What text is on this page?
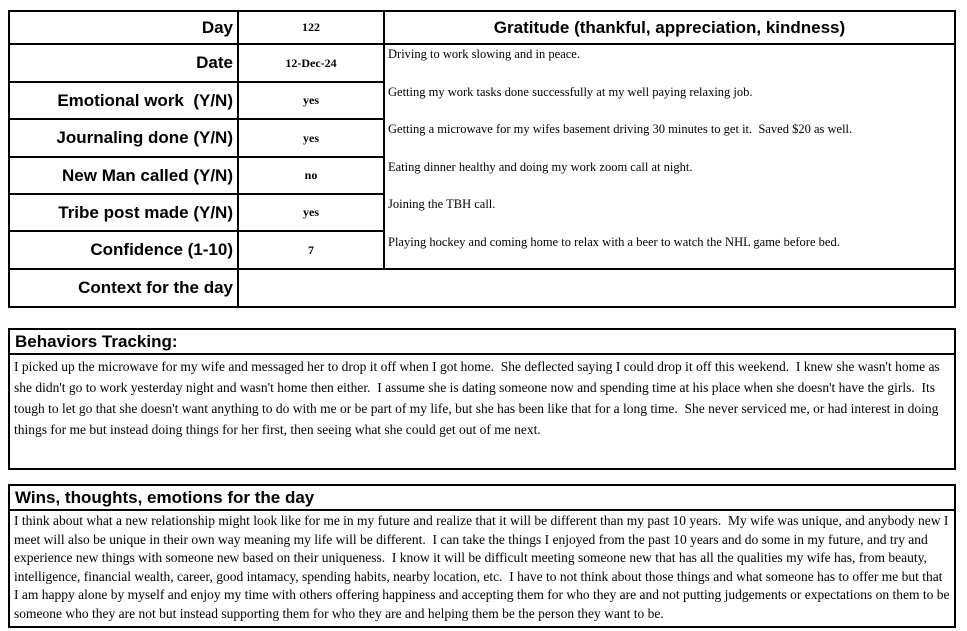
Day	122	Gratitude (thankful, appreciation, kindness)
Date	12-Dec-24
Driving to work slowing and in peace.
Getting my work tasks done successfully at my well paying relaxing job.
Getting a microwave for my wifes basement driving 30 minutes to get it.  Saved $20 as well.
Eating dinner healthy and doing my work zoom call at night.
Joining the TBH call.
Playing hockey and coming home to relax with a beer to watch the NHL game before bed.
Emotional work  (Y/N)	yes
Journaling done (Y/N)	yes
New Man called (Y/N)	no
Tribe post made (Y/N)	yes
Confidence (1-10)	7
Context for the day
Behaviors Tracking:
I picked up the microwave for my wife and messaged her to drop it off when I got home.  She deflected saying I could drop it off this weekend.  I knew she wasn't home as she didn't go to work yesterday night and wasn't home then either.  I assume she is dating someone now and spending time at his place when she doesn't have the girls.  Its tough to let go that she doesn't want anything to do with me or be part of my life, but she has been like that for a long time.  She never serviced me, or had interest in doing things for me but instead doing things for her first, then seeing what she could get out of me next.
Wins, thoughts, emotions for the day
I think about what a new relationship might look like for me in my future and realize that it will be different than my past 10 years.  My wife was unique, and anybody new I meet will also be unique in their own way meaning my life will be different.  I can take the things I enjoyed from the past 10 years and do some in my future, and try and experience new things with someone new based on their uniqueness.  I know it will be difficult meeting someone new that has all the qualities my wife has, from beauty, intelligence, financial wealth, career, good intamacy, spending habits, nearby location, etc.  I have to not think about those things and what someone has to offer me but that I am happy alone by myself and enjoy my time with others offering happiness and accepting them for who they are and not putting judgements or expectations on them to be someone who they are not but instead supporting them for who they are and helping them be the person they want to be.
